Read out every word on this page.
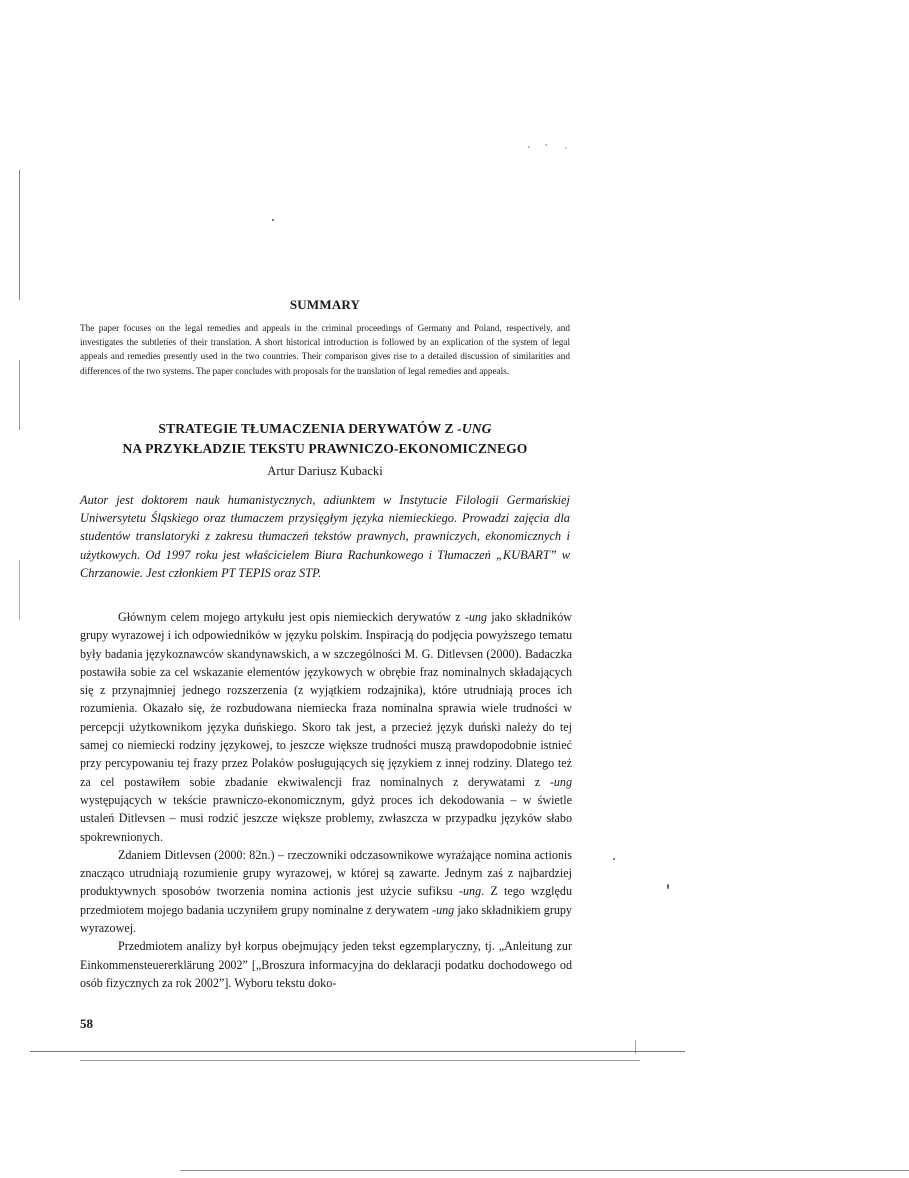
SUMMARY

The paper focuses on the legal remedies and appeals in the criminal proceedings of Germany and Poland, respectively, and investigates the subtleties of their translation. A short historical introduction is followed by an explication of the system of legal appeals and remedies presently used in the two countries. Their comparison gives rise to a detailed discussion of similarities and differences of the two systems. The paper concludes with proposals for the translation of legal remedies and appeals.

STRATEGIE TŁUMACZENIA DERYWATÓW Z -UNG
NA PRZYKŁADZIE TEKSTU PRAWNICZO-EKONOMICZNEGO
Artur Dariusz Kubacki

Autor jest doktorem nauk humanistycznych, adiunktem w Instytucie Filologii Germańskiej Uniwersytetu Śląskiego oraz tłumaczem przysięgłym języka niemieckiego. Prowadzi zajęcia dla studentów translatoryki z zakresu tłumaczeń tekstów prawnych, prawniczych, ekonomicznych i użytkowych. Od 1997 roku jest właścicielem Biura Rachunkowego i Tłumaczeń „KUBART” w Chrzanowie. Jest członkiem PT TEPIS oraz STP.

Głównym celem mojego artykułu jest opis niemieckich derywatów z -ung jako składników grupy wyrazowej i ich odpowiedników w języku polskim. Inspiracją do podjęcia powyższego tematu były badania językoznawców skandynawskich, a w szczególności M. G. Ditlevsen (2000). Badaczka postawiła sobie za cel wskazanie elementów językowych w obrębie fraz nominalnych składających się z przynajmniej jednego rozszerzenia (z wyjątkiem rodzajnika), które utrudniają proces ich rozumienia. Okazało się, że rozbudowana niemiecka fraza nominalna sprawia wiele trudności w percepcji użytkownikom języka duńskiego. Skoro tak jest, a przecież język duński należy do tej samej co niemiecki rodziny językowej, to jeszcze większe trudności muszą prawdopodobnie istnieć przy percypowaniu tej frazy przez Polaków posługujących się językiem z innej rodziny. Dlatego też za cel postawiłem sobie zbadanie ekwiwalencji fraz nominalnych z derywatami z -ung występujących w tekście prawniczo-ekonomicznym, gdyż proces ich dekodowania – w świetle ustaleń Ditlevsen – musi rodzić jeszcze większe problemy, zwłaszcza w przypadku języków słabo spokrewnionych.

Zdaniem Ditlevsen (2000: 82n.) – rzeczowniki odczasownikowe wyrażające nomina actionis znacząco utrudniają rozumienie grupy wyrazowej, w której są zawarte. Jednym zaś z najbardziej produktywnych sposobów tworzenia nomina actionis jest użycie sufiksu -ung. Z tego względu przedmiotem mojego badania uczyniłem grupy nominalne z derywatem -ung jako składnikiem grupy wyrazowej.

Przedmiotem analizy był korpus obejmujący jeden tekst egzemplaryczny, tj. „Anleitung zur Einkommensteuererklärung 2002” [„Broszura informacyjna do deklaracji podatku dochodowego od osób fizycznych za rok 2002”]. Wyboru tekstu doko-

58
